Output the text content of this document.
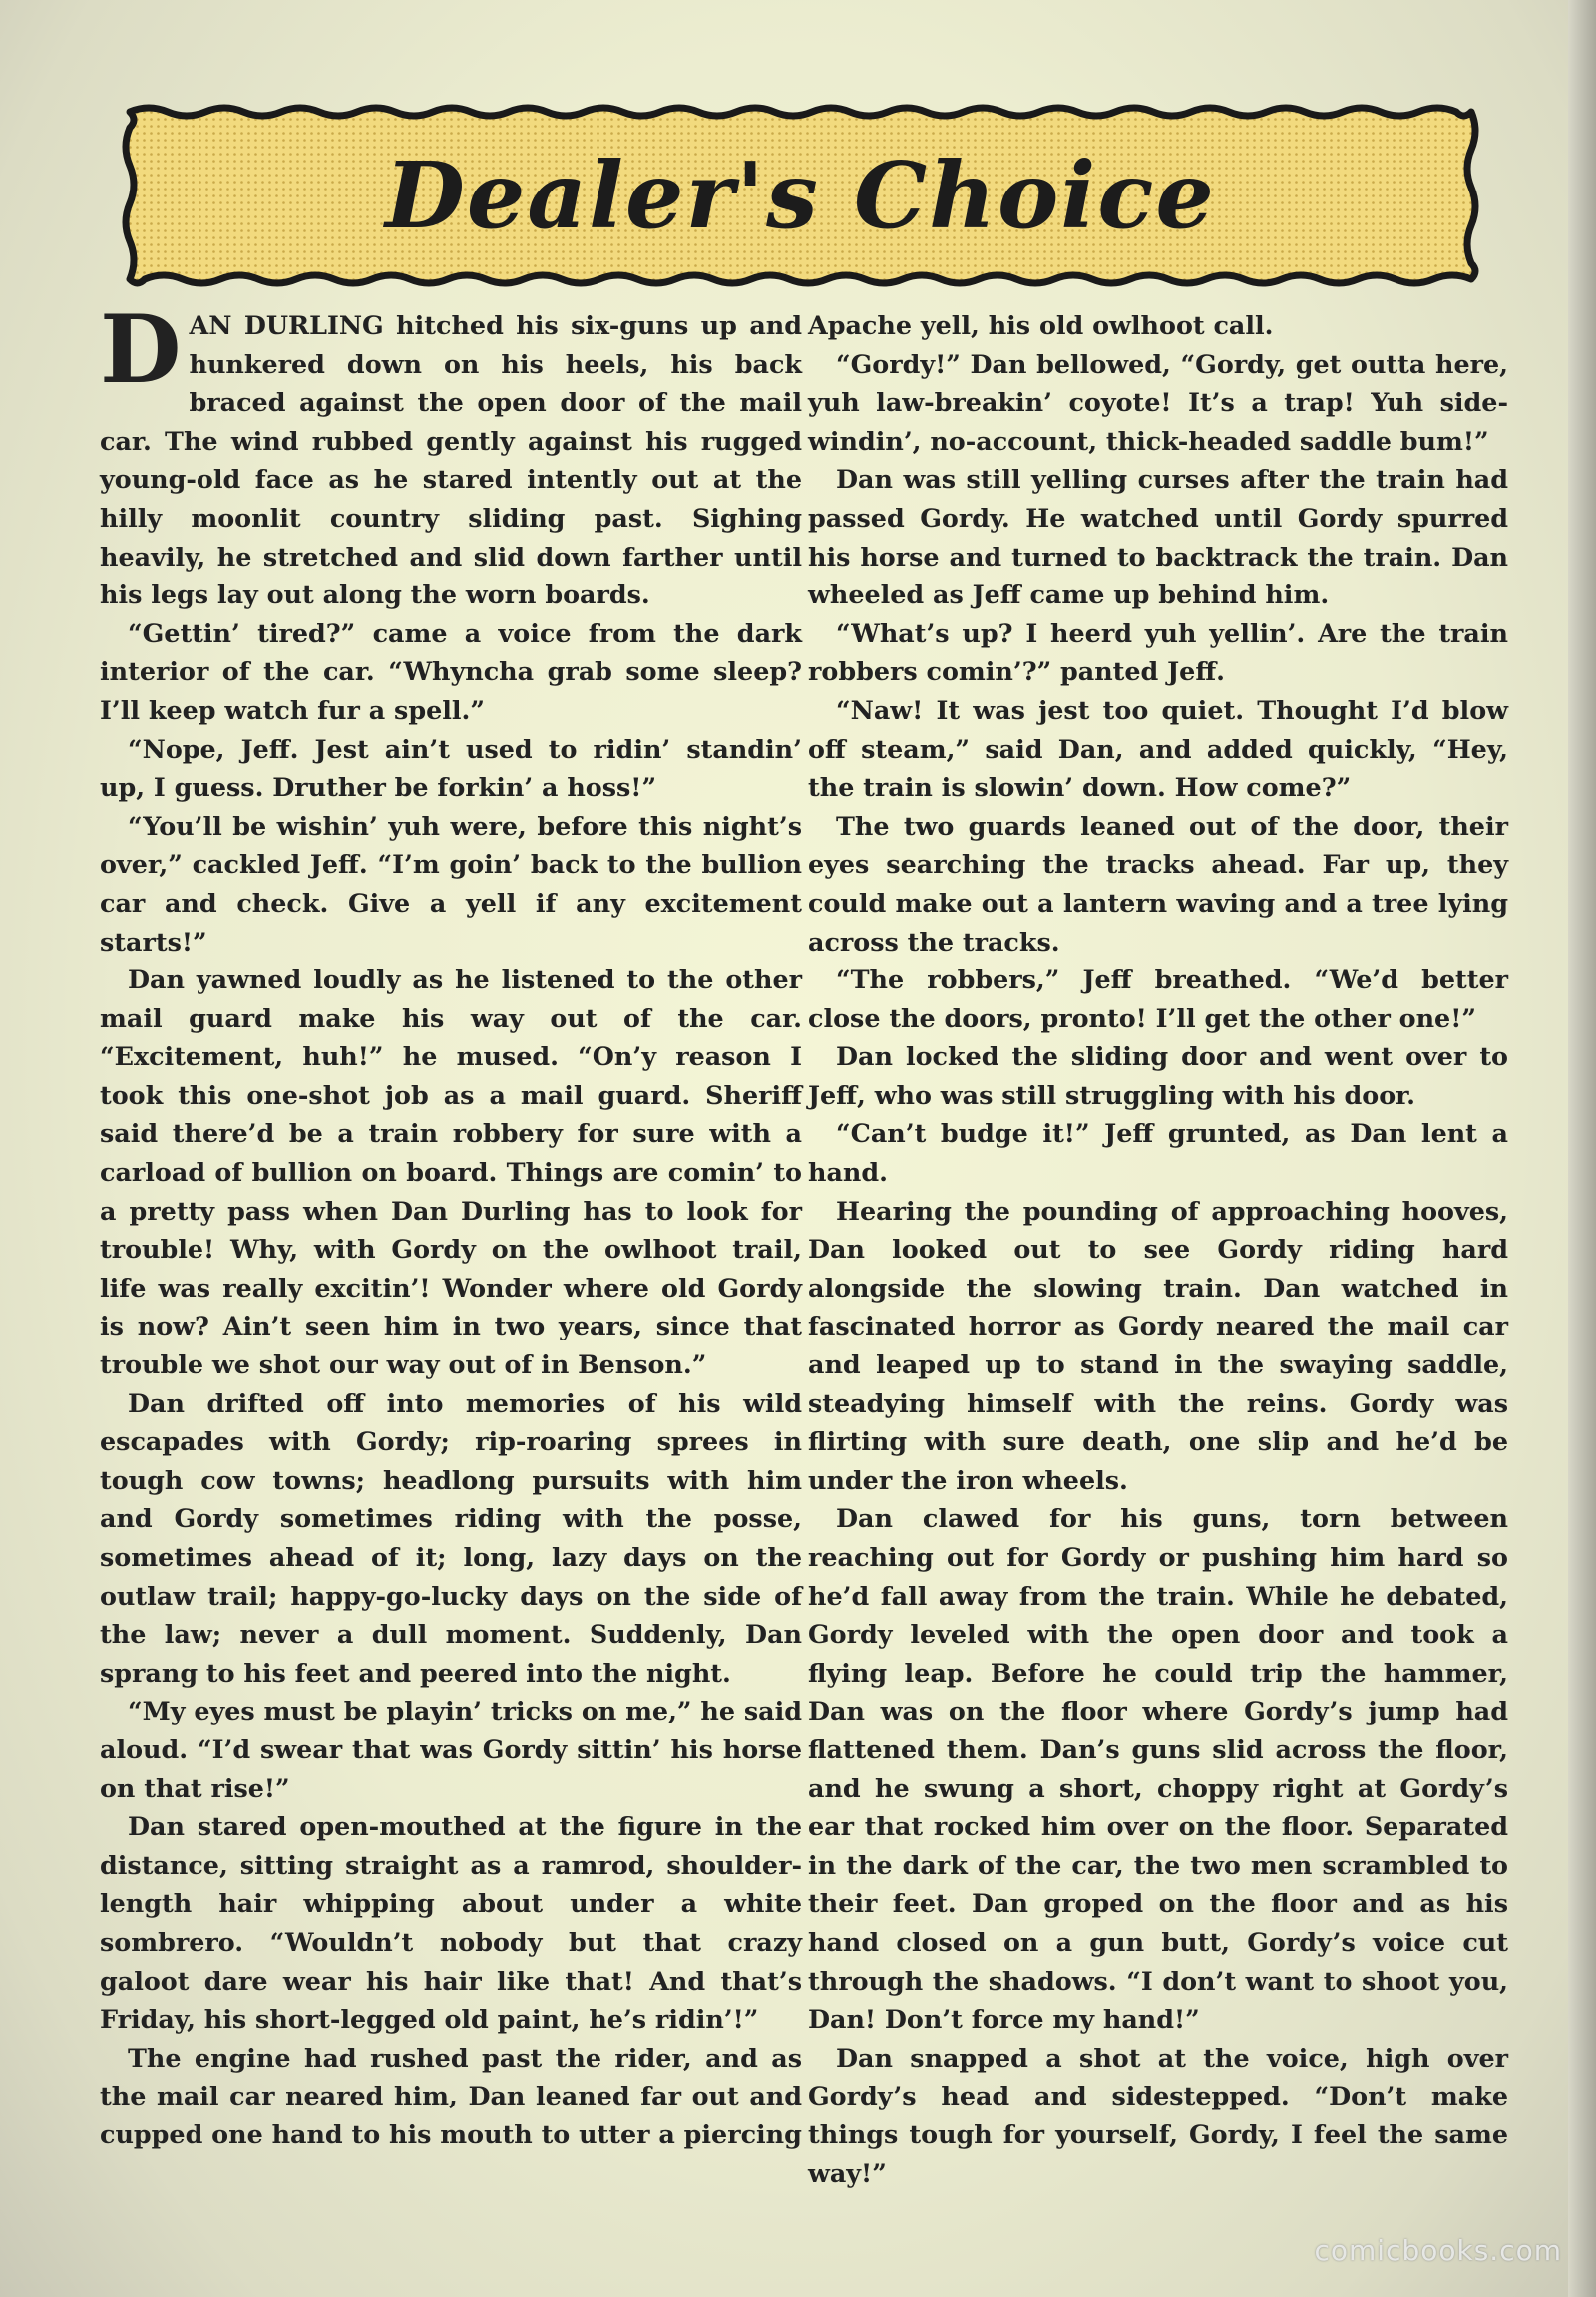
Dealer's Choice

DAN DURLING hitched his six-guns up and hunkered down on his heels, his back braced against the open door of the mail car. The wind rubbed gently against his rugged young-old face as he stared intently out at the hilly moonlit country sliding past. Sighing heavily, he stretched and slid down farther until his legs lay out along the worn boards.

“Gettin’ tired?” came a voice from the dark interior of the car. “Whyncha grab some sleep? I’ll keep watch fur a spell.”

“Nope, Jeff. Jest ain’t used to ridin’ standin’ up, I guess. Druther be forkin’ a hoss!”

“You’ll be wishin’ yuh were, before this night’s over,” cackled Jeff. “I’m goin’ back to the bullion car and check. Give a yell if any excitement starts!”

Dan yawned loudly as he listened to the other mail guard make his way out of the car. “Excitement, huh!” he mused. “On’y reason I took this one-shot job as a mail guard. Sheriff said there’d be a train robbery for sure with a carload of bullion on board. Things are comin’ to a pretty pass when Dan Durling has to look for trouble! Why, with Gordy on the owlhoot trail, life was really excitin’! Wonder where old Gordy is now? Ain’t seen him in two years, since that trouble we shot our way out of in Benson.”

Dan drifted off into memories of his wild escapades with Gordy; rip-roaring sprees in tough cow towns; headlong pursuits with him and Gordy sometimes riding with the posse, sometimes ahead of it; long, lazy days on the outlaw trail; happy-go-lucky days on the side of the law; never a dull moment. Suddenly, Dan sprang to his feet and peered into the night.

“My eyes must be playin’ tricks on me,” he said aloud. “I’d swear that was Gordy sittin’ his horse on that rise!”

Dan stared open-mouthed at the figure in the distance, sitting straight as a ramrod, shoulder-length hair whipping about under a white sombrero. “Wouldn’t nobody but that crazy galoot dare wear his hair like that! And that’s Friday, his short-legged old paint, he’s ridin’!”

The engine had rushed past the rider, and as the mail car neared him, Dan leaned far out and cupped one hand to his mouth to utter a piercing

Apache yell, his old owlhoot call.

“Gordy!” Dan bellowed, “Gordy, get outta here, yuh law-breakin’ coyote! It’s a trap! Yuh side-windin’, no-account, thick-headed saddle bum!”

Dan was still yelling curses after the train had passed Gordy. He watched until Gordy spurred his horse and turned to backtrack the train. Dan wheeled as Jeff came up behind him.

“What’s up? I heerd yuh yellin’. Are the train robbers comin’?” panted Jeff.

“Naw! It was jest too quiet. Thought I’d blow off steam,” said Dan, and added quickly, “Hey, the train is slowin’ down. How come?”

The two guards leaned out of the door, their eyes searching the tracks ahead. Far up, they could make out a lantern waving and a tree lying across the tracks.

“The robbers,” Jeff breathed. “We’d better close the doors, pronto! I’ll get the other one!”

Dan locked the sliding door and went over to Jeff, who was still struggling with his door.

“Can’t budge it!” Jeff grunted, as Dan lent a hand.

Hearing the pounding of approaching hooves, Dan looked out to see Gordy riding hard alongside the slowing train. Dan watched in fascinated horror as Gordy neared the mail car and leaped up to stand in the swaying saddle, steadying himself with the reins. Gordy was flirting with sure death, one slip and he’d be under the iron wheels.

Dan clawed for his guns, torn between reaching out for Gordy or pushing him hard so he’d fall away from the train. While he debated, Gordy leveled with the open door and took a flying leap. Before he could trip the hammer, Dan was on the floor where Gordy’s jump had flattened them. Dan’s guns slid across the floor, and he swung a short, choppy right at Gordy’s ear that rocked him over on the floor. Separated in the dark of the car, the two men scrambled to their feet. Dan groped on the floor and as his hand closed on a gun butt, Gordy’s voice cut through the shadows. “I don’t want to shoot you, Dan! Don’t force my hand!”

Dan snapped a shot at the voice, high over Gordy’s head and sidestepped. “Don’t make things tough for yourself, Gordy, I feel the same way!”

comicbooks.com
